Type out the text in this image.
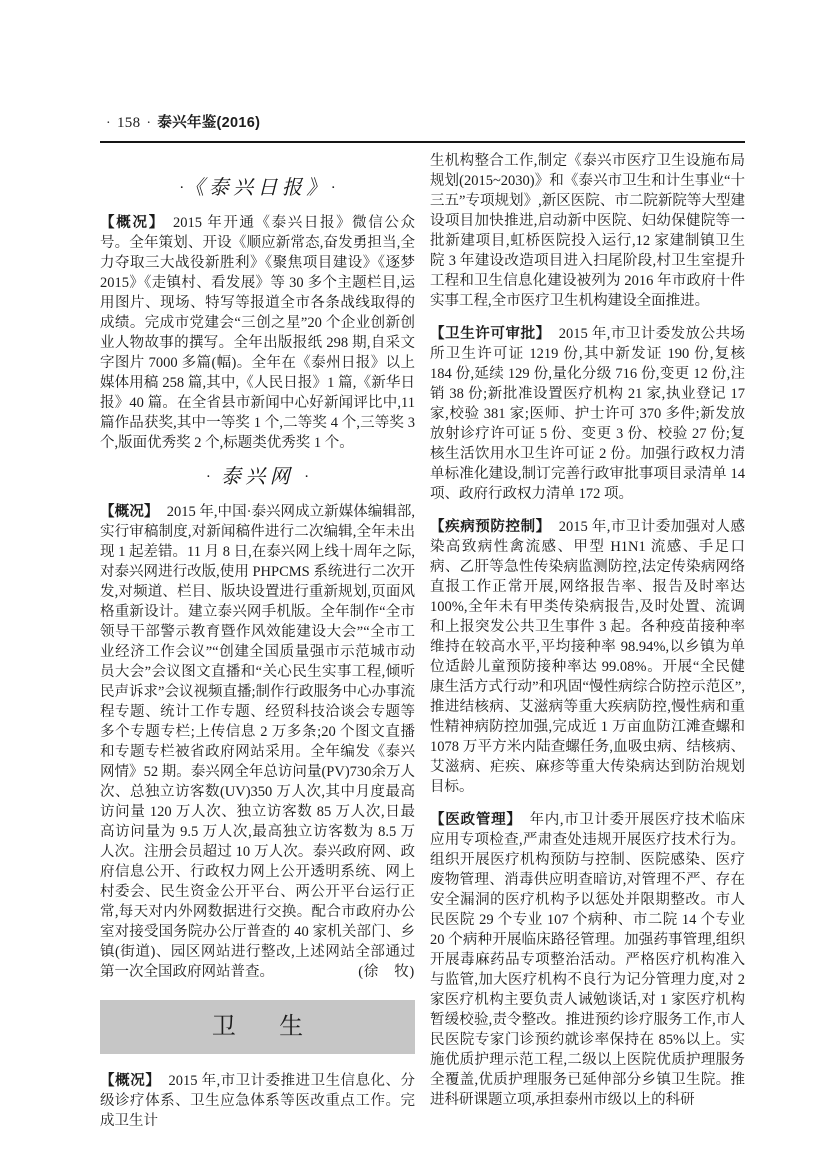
· 158 · 泰兴年鉴(2016)
· 《泰兴日报》 ·

【概况】 2015 年开通《泰兴日报》微信公众号。全年策划、开设《顺应新常态,奋发勇担当,全力夺取三大战役新胜利》《聚焦项目建设》《逐梦 2015》《走镇村、看发展》等 30 多个主题栏目,运用图片、现场、特写等报道全市各条战线取得的成绩。完成市党建会“三创之星”20 个企业创新创业人物故事的撰写。全年出版报纸 298 期,自采文字图片 7000 多篇(幅)。全年在《泰州日报》以上媒体用稿 258 篇,其中,《人民日报》1 篇,《新华日报》40 篇。在全省县市新闻中心好新闻评比中,11 篇作品获奖,其中一等奖 1 个,二等奖 4 个,三等奖 3 个,版面优秀奖 2 个,标题类优秀奖 1 个。

· 泰兴网 ·

【概况】 2015 年,中国·泰兴网成立新媒体编辑部,实行审稿制度,对新闻稿件进行二次编辑,全年未出现 1 起差错。11 月 8 日,在泰兴网上线十周年之际,对泰兴网进行改版,使用 PHPCMS 系统进行二次开发,对频道、栏目、版块设置进行重新规划,页面风格重新设计。建立泰兴网手机版。全年制作“全市领导干部警示教育暨作风效能建设大会”“全市工业经济工作会议”“创建全国质量强市示范城市动员大会”会议图文直播和“关心民生实事工程,倾听民声诉求”会议视频直播;制作行政服务中心办事流程专题、统计工作专题、经贸科技洽谈会专题等多个专题专栏;上传信息 2 万多条;20 个图文直播和专题专栏被省政府网站采用。全年编发《泰兴网情》52 期。泰兴网全年总访问量(PV)730余万人次、总独立访客数(UV)350 万人次,其中月度最高访问量 120 万人次、独立访客数 85 万人次,日最高访问量为 9.5 万人次,最高独立访客数为 8.5 万人次。注册会员超过 10 万人次。泰兴政府网、政府信息公开、行政权力网上公开透明系统、网上村委会、民生资金公开平台、两公开平台运行正常,每天对内外网数据进行交换。配合市政府办公室对接受国务院办公厅普查的 40 家机关部门、乡镇(街道)、园区网站进行整改,上述网站全部通过第一次全国政府网站普查。	(徐　牧)

卫生

【概况】 2015 年,市卫计委推进卫生信息化、分级诊疗体系、卫生应急体系等医改重点工作。完成卫生计

生机构整合工作,制定《泰兴市医疗卫生设施布局规划(2015~2030)》和《泰兴市卫生和计生事业“十三五”专项规划》,新区医院、市二院新院等大型建设项目加快推进,启动新中医院、妇幼保健院等一批新建项目,虹桥医院投入运行,12 家建制镇卫生院 3 年建设改造项目进入扫尾阶段,村卫生室提升工程和卫生信息化建设被列为 2016 年市政府十件实事工程,全市医疗卫生机构建设全面推进。

【卫生许可审批】 2015 年,市卫计委发放公共场所卫生许可证 1219 份,其中新发证 190 份,复核 184 份,延续 129 份,量化分级 716 份,变更 12 份,注销 38 份;新批准设置医疗机构 21 家,执业登记 17 家,校验 381 家;医师、护士许可 370 多件;新发放放射诊疗许可证 5 份、变更 3 份、校验 27 份;复核生活饮用水卫生许可证 2 份。加强行政权力清单标准化建设,制订完善行政审批事项目录清单 14 项、政府行政权力清单 172 项。

【疾病预防控制】 2015 年,市卫计委加强对人感染高致病性禽流感、甲型 H1N1 流感、手足口病、乙肝等急性传染病监测防控,法定传染病网络直报工作正常开展,网络报告率、报告及时率达 100%,全年未有甲类传染病报告,及时处置、流调和上报突发公共卫生事件 3 起。各种疫苗接种率维持在较高水平,平均接种率 98.94%,以乡镇为单位适龄儿童预防接种率达 99.08%。开展“全民健康生活方式行动”和巩固“慢性病综合防控示范区”,推进结核病、艾滋病等重大疾病防控,慢性病和重性精神病防控加强,完成近 1 万亩血防江滩查螺和 1078 万平方米内陆查螺任务,血吸虫病、结核病、艾滋病、疟疾、麻疹等重大传染病达到防治规划目标。

【医政管理】 年内,市卫计委开展医疗技术临床应用专项检查,严肃查处违规开展医疗技术行为。组织开展医疗机构预防与控制、医院感染、医疗废物管理、消毒供应明查暗访,对管理不严、存在安全漏洞的医疗机构予以惩处并限期整改。市人民医院 29 个专业 107 个病种、市二院 14 个专业 20 个病种开展临床路径管理。加强药事管理,组织开展毒麻药品专项整治活动。严格医疗机构准入与监管,加大医疗机构不良行为记分管理力度,对 2 家医疗机构主要负责人诫勉谈话,对 1 家医疗机构暂缓校验,责令整改。推进预约诊疗服务工作,市人民医院专家门诊预约就诊率保持在 85%以上。实施优质护理示范工程,二级以上医院优质护理服务全覆盖,优质护理服务已延伸部分乡镇卫生院。推进科研课题立项,承担泰州市级以上的科研
